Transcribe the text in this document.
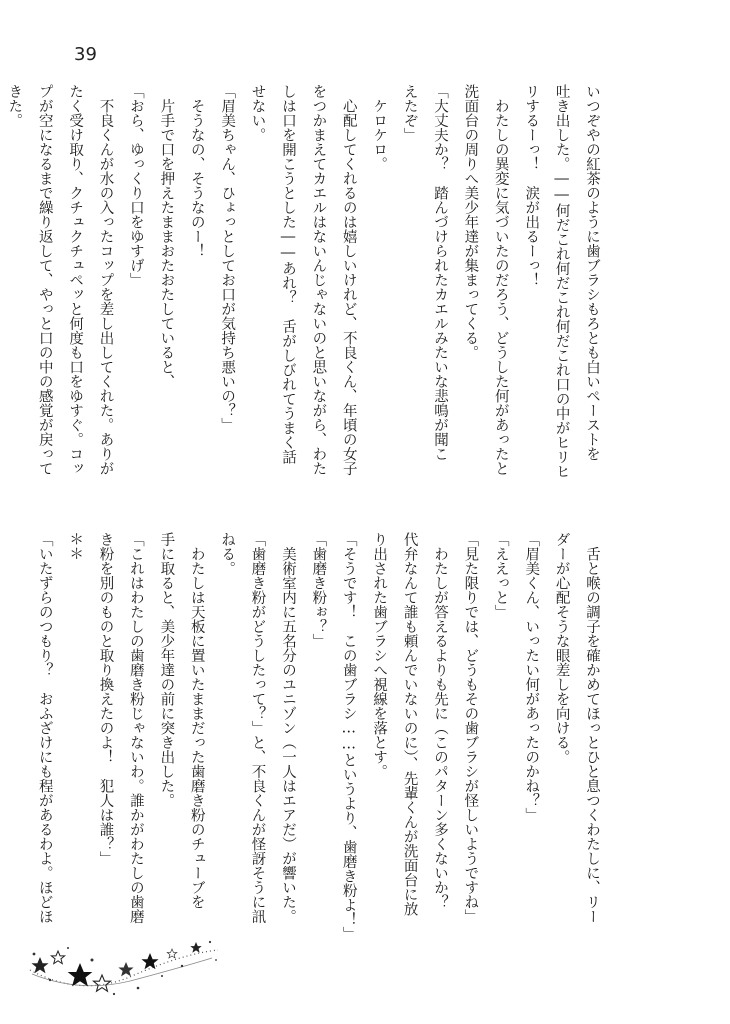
39
いつぞやの紅茶のように歯ブラシもろとも白いペーストを
吐き出した。――何だこれ何だこれ何だこれ口の中がヒリヒ
リするーっ！　涙が出るーっ！
　わたしの異変に気づいたのだろう、どうした何があったと
洗面台の周りへ美少年達が集まってくる。
「大丈夫か？　踏んづけられたカエルみたいな悲鳴が聞こ
えたぞ」
　ケロケロ。
　心配してくれるのは嬉しいけれど、不良くん、年頃の女子
をつかまえてカエルはないんじゃないのと思いながら、わた
しは口を開こうとした――あれ？　舌がしびれてうまく話
せない。
「眉美ちゃん、ひょっとしてお口が気持ち悪いの？」
　そうなの、そうなのー！
　片手で口を押えたままおたおたしていると、
「おら、ゆっくり口をゆすげ」
　不良くんが水の入ったコップを差し出してくれた。ありが
たく受け取り、クチュクチュペッと何度も口をゆすぐ。コッ
プが空になるまで繰り返して、やっと口の中の感覚が戻って
きた。
　舌と喉の調子を確かめてほっとひと息つくわたしに、リー
ダーが心配そうな眼差しを向ける。
「眉美くん、いったい何があったのかね？」
「ええっと」
「見た限りでは、どうもその歯ブラシが怪しいようですね」
　わたしが答えるよりも先に（このパターン多くないか？
代弁なんて誰も頼んでいないのに）、先輩くんが洗面台に放
り出された歯ブラシへ視線を落とす。
「そうです！　この歯ブラシ……というより、歯磨き粉よ！」
「歯磨き粉ぉ？」
　美術室内に五名分のユニゾン（一人はエアだ）が響いた。
「歯磨き粉がどうしたって？」と、不良くんが怪訝そうに訊
ねる。
　わたしは天板に置いたままだった歯磨き粉のチューブを
手に取ると、美少年達の前に突き出した。
「これはわたしの歯磨き粉じゃないわ。誰かがわたしの歯磨
き粉を別のものと取り換えたのよ！　犯人は誰？」
＊＊
「いたずらのつもり？　おふざけにも程があるわよ。ほどほ
